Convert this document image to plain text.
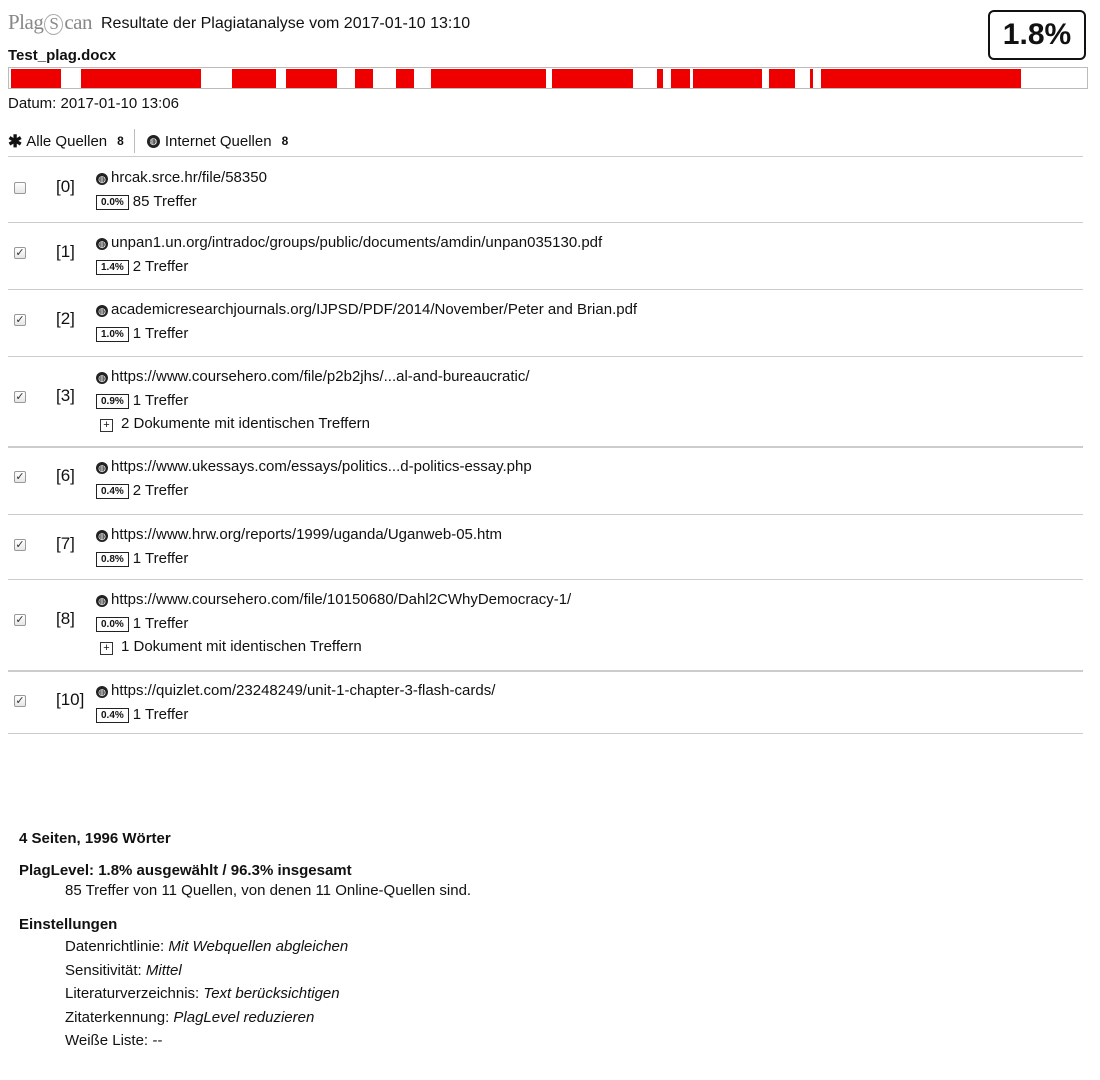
Plag S can Resultate der Plagiatanalyse vom 2017-01-10 13:10	1.8%
Test_plag.docx
Datum: 2017-01-10 13:06
✱ Alle Quellen 8	◍ Internet Quellen 8
[0]	◍ hrcak.srce.hr/file/58350
0.0% 85 Treffer
✓ [1]	◍ unpan1.un.org/intradoc/groups/public/documents/amdin/unpan035130.pdf
1.4% 2 Treffer
✓ [2]	◍ academicresearchjournals.org/IJPSD/PDF/2014/November/Peter and Brian.pdf
1.0% 1 Treffer
✓ [3]
◍ https://www.coursehero.com/file/p2b2jhs/...al-and-bureaucratic/
0.9% 1 Treffer
+ 2 Dokumente mit identischen Treffern
✓ [6]	◍ https://www.ukessays.com/essays/politics...d-politics-essay.php
0.4% 2 Treffer
✓ [7]	◍ https://www.hrw.org/reports/1999/uganda/Uganweb-05.htm
0.8% 1 Treffer
✓ [8]
◍ https://www.coursehero.com/file/10150680/Dahl2CWhyDemocracy-1/
0.0% 1 Treffer
+ 1 Dokument mit identischen Treffern
✓ [10] ◍ https://quizlet.com/23248249/unit-1-chapter-3-flash-cards/
0.4% 1 Treffer
4 Seiten, 1996 Wörter
PlagLevel: 1.8% ausgewählt / 96.3% insgesamt
85 Treffer von 11 Quellen, von denen 11 Online-Quellen sind.
Einstellungen
Datenrichtlinie: Mit Webquellen abgleichen
Sensitivität: Mittel
Literaturverzeichnis: Text berücksichtigen
Zitaterkennung: PlagLevel reduzieren
Weiße Liste: --
